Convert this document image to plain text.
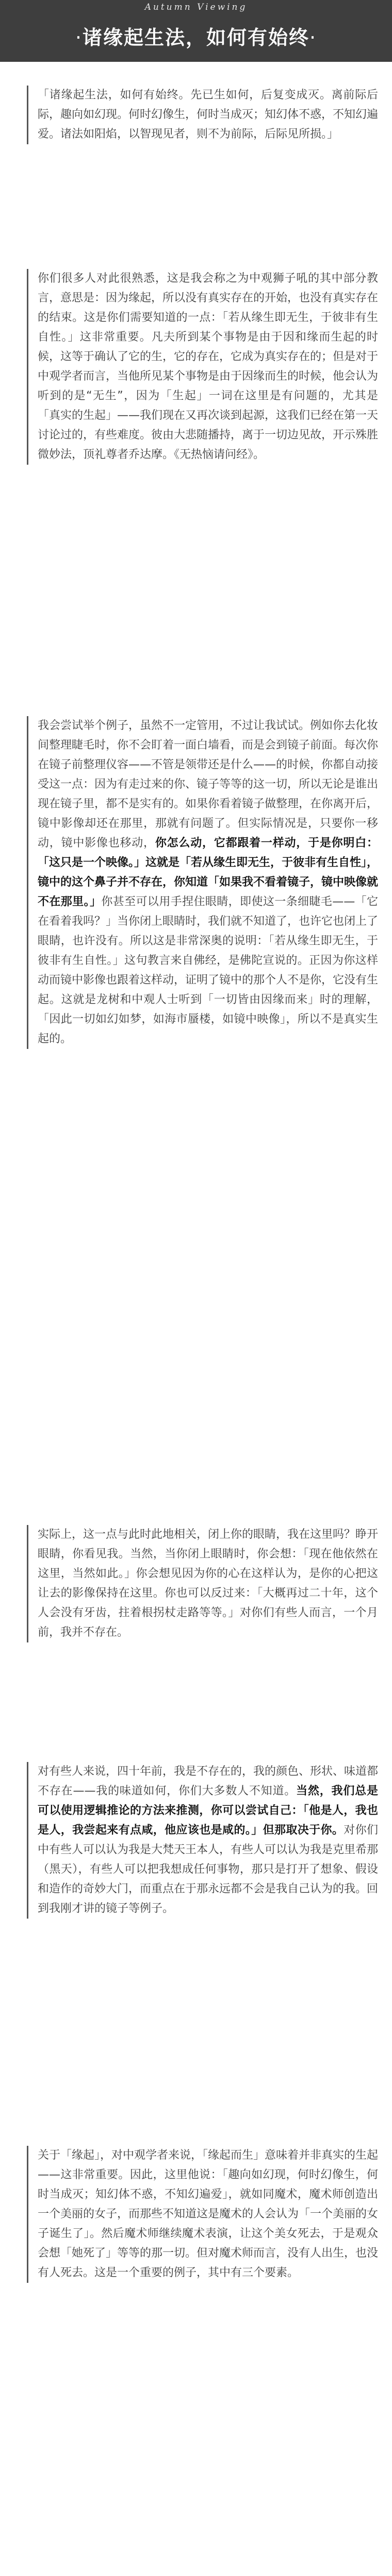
Autumn Viewing
·诸缘起生法，如何有始终·
「诸缘起生法，如何有始终。先已生如何，后复变成灭。离前际后际，趣向如幻现。何时幻像生，何时当成灭；知幻体不惑，不知幻遍爱。诸法如阳焰，以智现见者，则不为前际，后际见所损。」
你们很多人对此很熟悉，这是我会称之为中观狮子吼的其中部分教言，意思是：因为缘起，所以没有真实存在的开始，也没有真实存在的结束。这是你们需要知道的一点：「若从缘生即无生，于彼非有生自性。」这非常重要。凡夫所到某个事物是由于因和缘而生起的时候，这等于确认了它的生，它的存在，它成为真实存在的；但是对于中观学者而言，当他所见某个事物是由于因缘而生的时候，他会认为听到的是“无生”，因为「生起」一词在这里是有问题的，尤其是「真实的生起」——我们现在又再次谈到起源，这我们已经在第一天讨论过的，有些难度。彼由大悲随播持，离于一切边见故，开示殊胜微妙法，顶礼尊者乔达摩。《无热恼请问经》。
我会尝试举个例子，虽然不一定管用，不过让我试试。例如你去化妆间整理睫毛时，你不会盯着一面白墙看，而是会到镜子前面。每次你在镜子前整理仪容——不管是领带还是什么——的时候，你都自动接受这一点：因为有走过来的你、镜子等等的这一切，所以无论是谁出现在镜子里，都不是实有的。如果你看着镜子做整理，在你离开后，镜中影像却还在那里，那就有问题了。但实际情况是，只要你一移动，镜中影像也移动，你怎么动，它都跟着一样动，于是你明白：「这只是一个映像。」这就是「若从缘生即无生，于彼非有生自性」，镜中的这个鼻子并不存在，你知道「如果我不看着镜子，镜中映像就不在那里。」你甚至可以用手捏住眼睛，即使这一条细睫毛——「它在看着我吗？」当你闭上眼睛时，我们就不知道了，也许它也闭上了眼睛，也许没有。所以这是非常深奥的说明：「若从缘生即无生，于彼非有生自性。」这句教言来自佛经，是佛陀宣说的。正因为你这样动而镜中影像也跟着这样动，证明了镜中的那个人不是你，它没有生起。这就是龙树和中观人士听到「一切皆由因缘而来」时的理解，「因此一切如幻如梦，如海市蜃楼，如镜中映像」，所以不是真实生起的。
实际上，这一点与此时此地相关，闭上你的眼睛，我在这里吗？睁开眼睛，你看见我。当然，当你闭上眼睛时，你会想：「现在他依然在这里，当然如此。」你会想见因为你的心在这样认为，是你的心把这让去的影像保持在这里。你也可以反过来：「大概再过二十年，这个人会没有牙齿，拄着根拐杖走路等等。」对你们有些人而言，一个月前，我并不存在。
对有些人来说，四十年前，我是不存在的，我的颜色、形状、味道都不存在——我的味道如何，你们大多数人不知道。当然，我们总是可以使用逻辑推论的方法来推测，你可以尝试自己：「他是人，我也是人，我尝起来有点咸，他应该也是咸的。」但那取决于你。对你们中有些人可以认为我是大梵天王本人，有些人可以认为我是克里希那（黑天），有些人可以把我想成任何事物，那只是打开了想象、假设和造作的奇妙大门，而重点在于那永远都不会是我自己认为的我。回到我刚才讲的镜子等例子。
关于「缘起」，对中观学者来说，「缘起而生」意味着并非真实的生起——这非常重要。因此，这里他说：「趣向如幻现，何时幻像生，何时当成灭；知幻体不惑，不知幻遍爱」，就如同魔术，魔术师创造出一个美丽的女子，而那些不知道这是魔术的人会认为「一个美丽的女子诞生了」。然后魔术师继续魔术表演，让这个美女死去，于是观众会想「她死了」等等的那一切。但对魔术师而言，没有人出生，也没有人死去。这是一个重要的例子，其中有三个要素。
